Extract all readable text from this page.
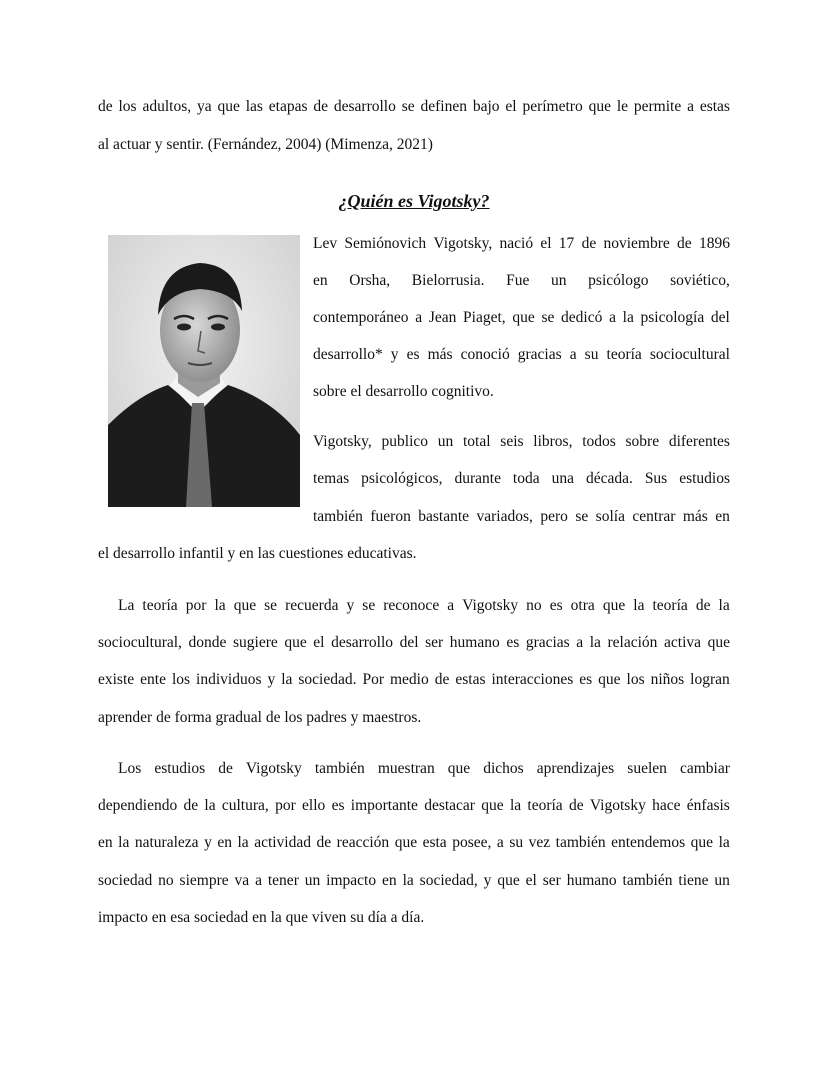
de los adultos, ya que las etapas de desarrollo se definen bajo el perímetro que le permite a estas
al actuar y sentir. (Fernández, 2004) (Mimenza, 2021)
¿Quién es Vigotsky?
Lev Semiónovich Vigotsky, nació el 17 de noviembre de 1896
en Orsha, Bielorrusia. Fue un psicólogo soviético,
contemporáneo a Jean Piaget, que se dedicó a la psicología del
desarrollo* y es más conoció gracias a su teoría sociocultural
sobre el desarrollo cognitivo.
Vigotsky, publico un total seis libros, todos sobre diferentes
temas psicológicos, durante toda una década. Sus estudios
también fueron bastante variados, pero se solía centrar más en
el desarrollo infantil y en las cuestiones educativas.
La teoría por la que se recuerda y se reconoce a Vigotsky no es otra que la teoría de la
sociocultural, donde sugiere que el desarrollo del ser humano es gracias a la relación activa que
existe ente los individuos y la sociedad. Por medio de estas interacciones es que los niños logran
aprender de forma gradual de los padres y maestros.
Los estudios de Vigotsky también muestran que dichos aprendizajes suelen cambiar
dependiendo de la cultura, por ello es importante destacar que la teoría de Vigotsky hace énfasis
en la naturaleza y en la actividad de reacción que esta posee, a su vez también entendemos que la
sociedad no siempre va a tener un impacto en la sociedad, y que el ser humano también tiene un
impacto en esa sociedad en la que viven su día a día.
